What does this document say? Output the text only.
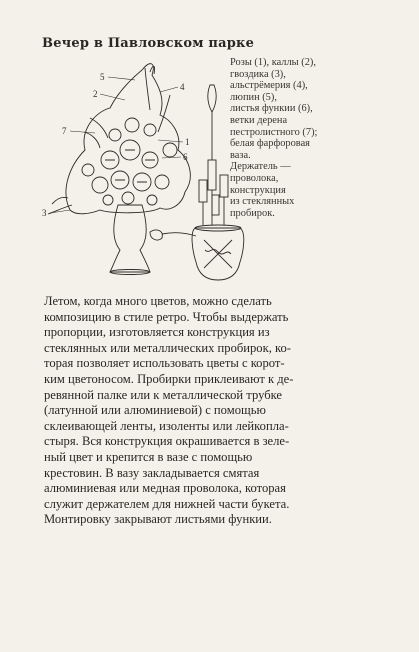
Вечер в Павловском парке
5
2
4
7
1
6
3
Розы (1), каллы (2),
гвоздика (3),
альстрёмерия (4),
люпин (5),
листья функии (6),
ветки дерена
пестролистного (7);
белая фарфоровая
ваза.
Держатель —
проволока,
конструкция
из стеклянных
пробирок.
Летом, когда много цветов, можно сделать
композицию в стиле ретро. Чтобы выдержать
пропорции, изготовляется конструкция из
стеклянных или металлических пробирок, ко-
торая позволяет использовать цветы с корот-
ким цветоносом. Пробирки приклеивают к де-
ревянной палке или к металлической трубке
(латунной или алюминиевой) с помощью
склеивающей ленты, изоленты или лейкопла-
стыря. Вся конструкция окрашивается в зеле-
ный цвет и крепится в вазе с помощью
крестовин. В вазу закладывается смятая
алюминиевая или медная проволока, которая
служит держателем для нижней части букета.
Монтировку закрывают листьями функии.
